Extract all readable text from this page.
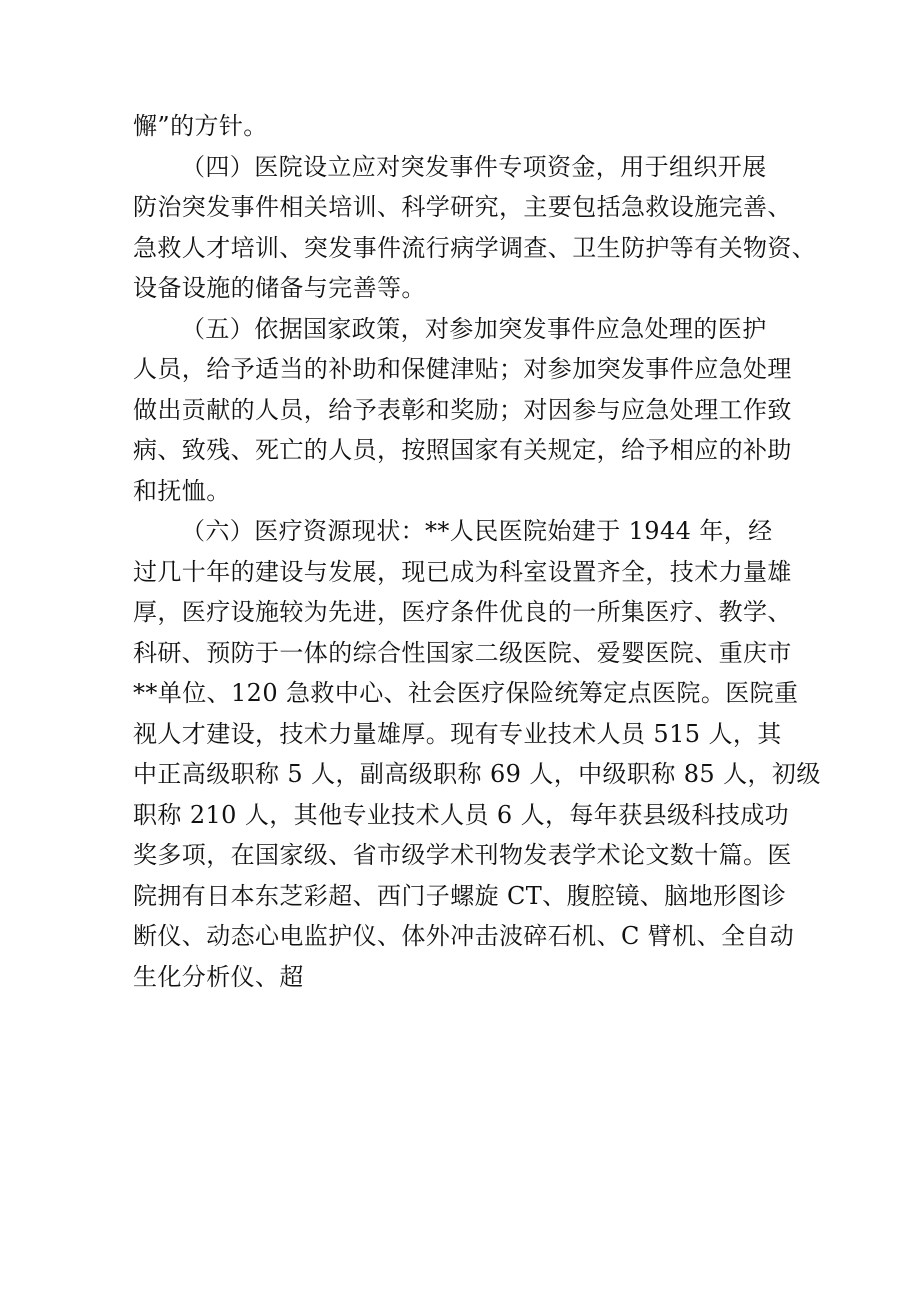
懈”的方针。
（四）医院设立应对突发事件专项资金，用于组织开展
防治突发事件相关培训、科学研究，主要包括急救设施完善、
急救人才培训、突发事件流行病学调查、卫生防护等有关物资、
设备设施的储备与完善等。
（五）依据国家政策，对参加突发事件应急处理的医护
人员，给予适当的补助和保健津贴；对参加突发事件应急处理
做出贡献的人员，给予表彰和奖励；对因参与应急处理工作致
病、致残、死亡的人员，按照国家有关规定，给予相应的补助
和抚恤。
（六）医疗资源现状：**人民医院始建于 1944 年，经
过几十年的建设与发展，现已成为科室设置齐全，技术力量雄
厚，医疗设施较为先进，医疗条件优良的一所集医疗、教学、
科研、预防于一体的综合性国家二级医院、爱婴医院、重庆市
**单位、120 急救中心、社会医疗保险统筹定点医院。医院重
视人才建设，技术力量雄厚。现有专业技术人员 515 人，其
中正高级职称 5 人，副高级职称 69 人，中级职称 85 人，初级
职称 210 人，其他专业技术人员 6 人，每年获县级科技成功
奖多项，在国家级、省市级学术刊物发表学术论文数十篇。医
院拥有日本东芝彩超、西门子螺旋 CT、腹腔镜、脑地形图诊
断仪、动态心电监护仪、体外冲击波碎石机、C 臂机、全自动
生化分析仪、超
